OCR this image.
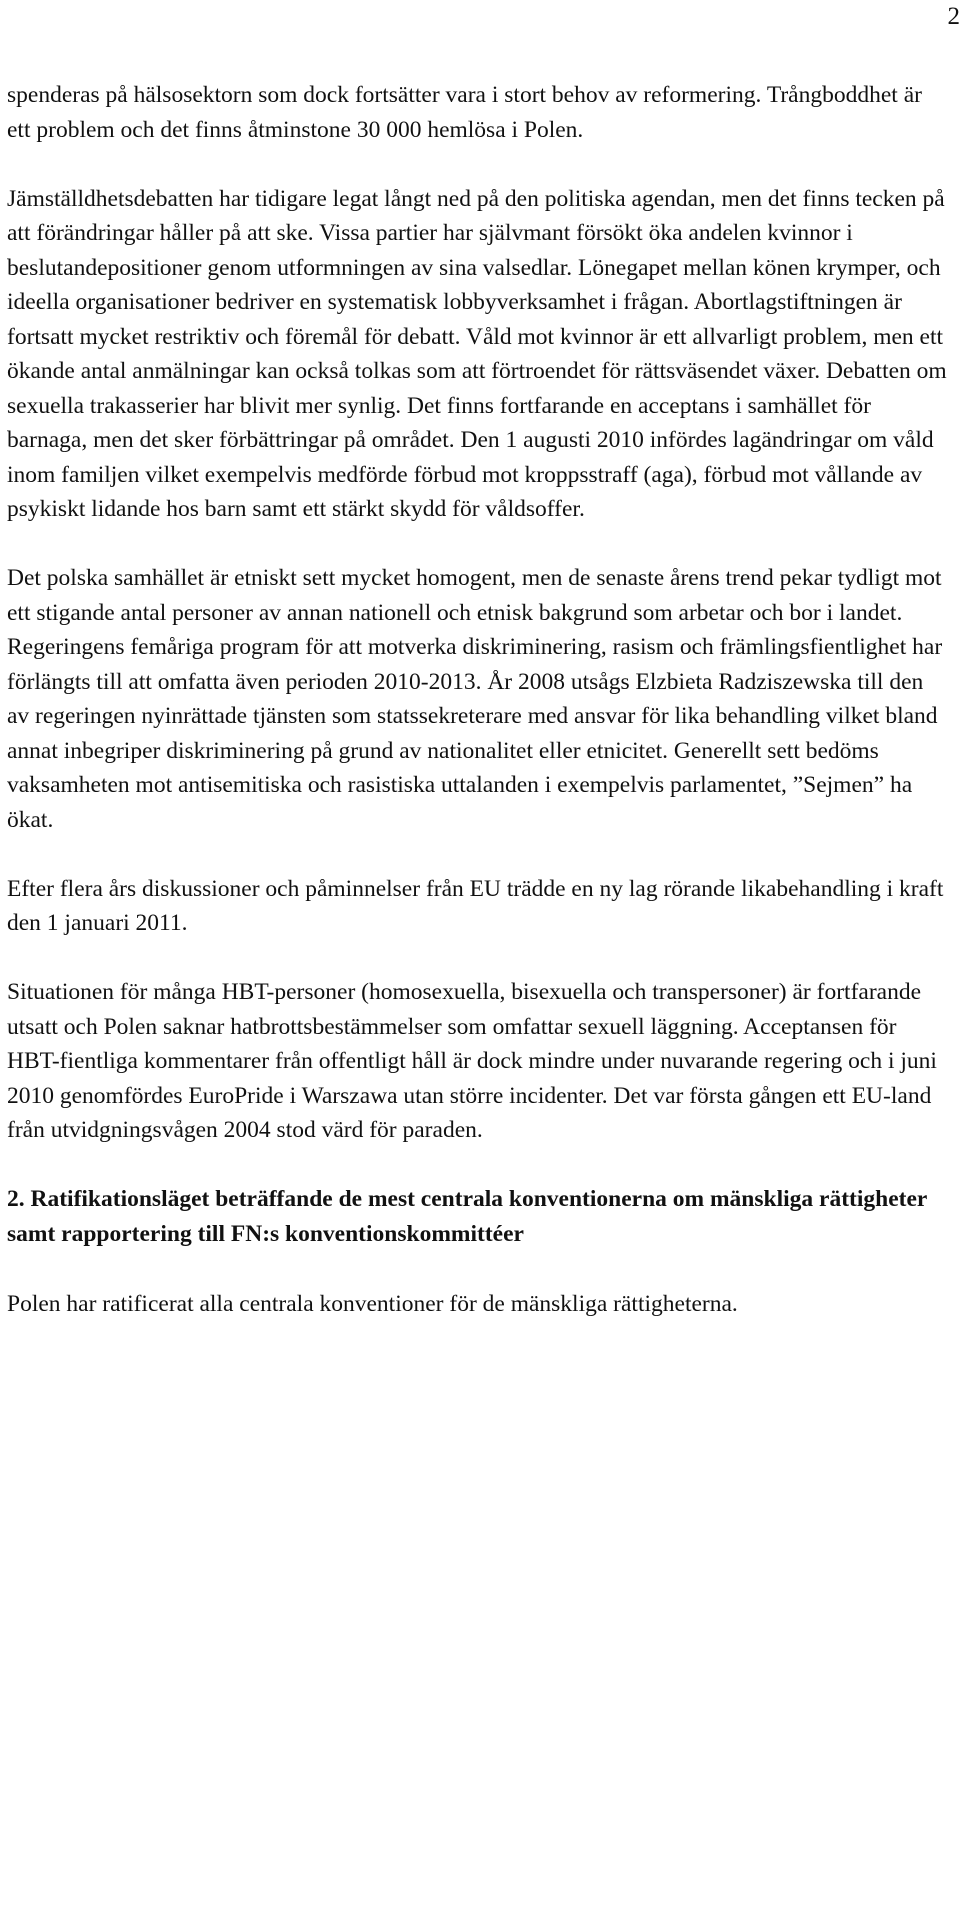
2

spenderas på hälsosektorn som dock fortsätter vara i stort behov av reformering. Trångboddhet är ett problem och det finns åtminstone 30 000 hemlösa i Polen.

Jämställdhetsdebatten har tidigare legat långt ned på den politiska agendan, men det finns tecken på att förändringar håller på att ske. Vissa partier har självmant försökt öka andelen kvinnor i beslutandepositioner genom utformningen av sina valsedlar. Lönegapet mellan könen krymper, och ideella organisationer bedriver en systematisk lobbyverksamhet i frågan. Abortlagstiftningen är fortsatt mycket restriktiv och föremål för debatt. Våld mot kvinnor är ett allvarligt problem, men ett ökande antal anmälningar kan också tolkas som att förtroendet för rättsväsendet växer. Debatten om sexuella trakasserier har blivit mer synlig. Det finns fortfarande en acceptans i samhället för barnaga, men det sker förbättringar på området. Den 1 augusti 2010 infördes lagändringar om våld inom familjen vilket exempelvis medförde förbud mot kroppsstraff (aga), förbud mot vållande av psykiskt lidande hos barn samt ett stärkt skydd för våldsoffer.

Det polska samhället är etniskt sett mycket homogent, men de senaste årens trend pekar tydligt mot ett stigande antal personer av annan nationell och etnisk bakgrund som arbetar och bor i landet. Regeringens femåriga program för att motverka diskriminering, rasism och främlingsfientlighet har förlängts till att omfatta även perioden 2010-2013. År 2008 utsågs Elzbieta Radziszewska till den av regeringen nyinrättade tjänsten som statssekreterare med ansvar för lika behandling vilket bland annat inbegriper diskriminering på grund av nationalitet eller etnicitet. Generellt sett bedöms vaksamheten mot antisemitiska och rasistiska uttalanden i exempelvis parlamentet, ”Sejmen” ha ökat.

Efter flera års diskussioner och påminnelser från EU trädde en ny lag rörande likabehandling i kraft den 1 januari 2011.

Situationen för många HBT-personer (homosexuella, bisexuella och transpersoner) är fortfarande utsatt och Polen saknar hatbrottsbestämmelser som omfattar sexuell läggning. Acceptansen för HBT-fientliga kommentarer från offentligt håll är dock mindre under nuvarande regering och i juni 2010 genomfördes EuroPride i Warszawa utan större incidenter. Det var första gången ett EU-land från utvidgningsvågen 2004 stod värd för paraden.

2. Ratifikationsläget beträffande de mest centrala konventionerna om mänskliga rättigheter samt rapportering till FN:s konventionskommittéer

Polen har ratificerat alla centrala konventioner för de mänskliga rättigheterna.
